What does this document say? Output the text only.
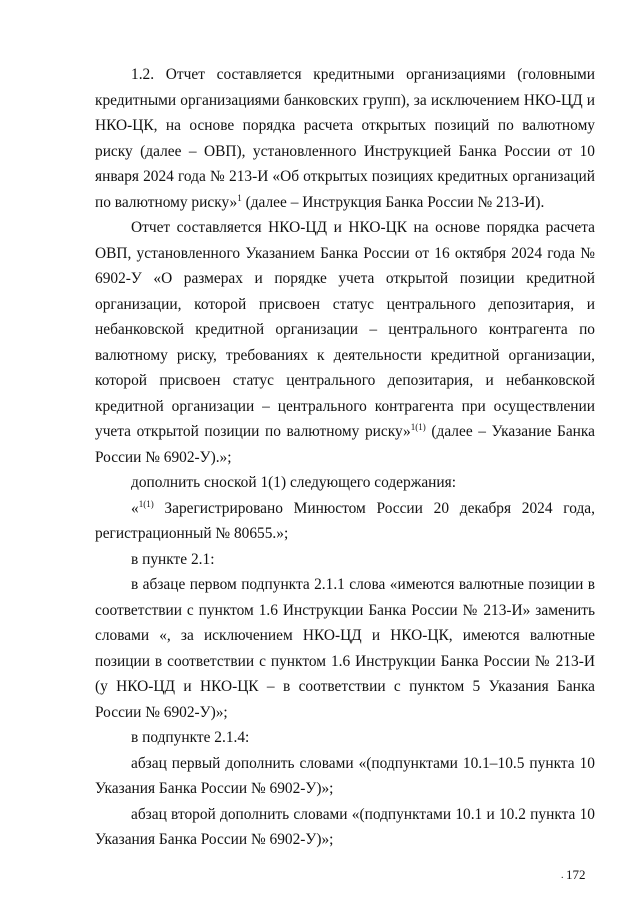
1.2. Отчет составляется кредитными организациями (головными кредитными организациями банковских групп), за исключением НКО-ЦД и НКО-ЦК, на основе порядка расчета открытых позиций по валютному риску (далее – ОВП), установленного Инструкцией Банка России от 10 января 2024 года № 213-И «Об открытых позициях кредитных организаций по валютному риску»$^1$ (далее – Инструкция Банка России № 213-И).

Отчет составляется НКО-ЦД и НКО-ЦК на основе порядка расчета ОВП, установленного Указанием Банка России от 16 октября 2024 года № 6902-У «О размерах и порядке учета открытой позиции кредитной организации, которой присвоен статус центрального депозитария, и небанковской кредитной организации – центрального контрагента по валютному риску, требованиях к деятельности кредитной организации, которой присвоен статус центрального депозитария, и небанковской кредитной организации – центрального контрагента при осуществлении учета открытой позиции по валютному риску»$^{1(1)}$ (далее – Указание Банка России № 6902-У).»;

дополнить сноской 1(1) следующего содержания:

«$^{1(1)}$ Зарегистрировано Минюстом России 20 декабря 2024 года, регистрационный № 80655.»;

в пункте 2.1:

в абзаце первом подпункта 2.1.1 слова «имеются валютные позиции в соответствии с пунктом 1.6 Инструкции Банка России № 213-И» заменить словами «, за исключением НКО-ЦД и НКО-ЦК, имеются валютные позиции в соответствии с пунктом 1.6 Инструкции Банка России № 213-И (у НКО-ЦД и НКО-ЦК – в соответствии с пунктом 5 Указания Банка России № 6902-У)»;

в подпункте 2.1.4:

абзац первый дополнить словами «(подпунктами 10.1–10.5 пункта 10 Указания Банка России № 6902-У)»;

абзац второй дополнить словами «(подпунктами 10.1 и 10.2 пункта 10 Указания Банка России № 6902-У)»;

. 172
